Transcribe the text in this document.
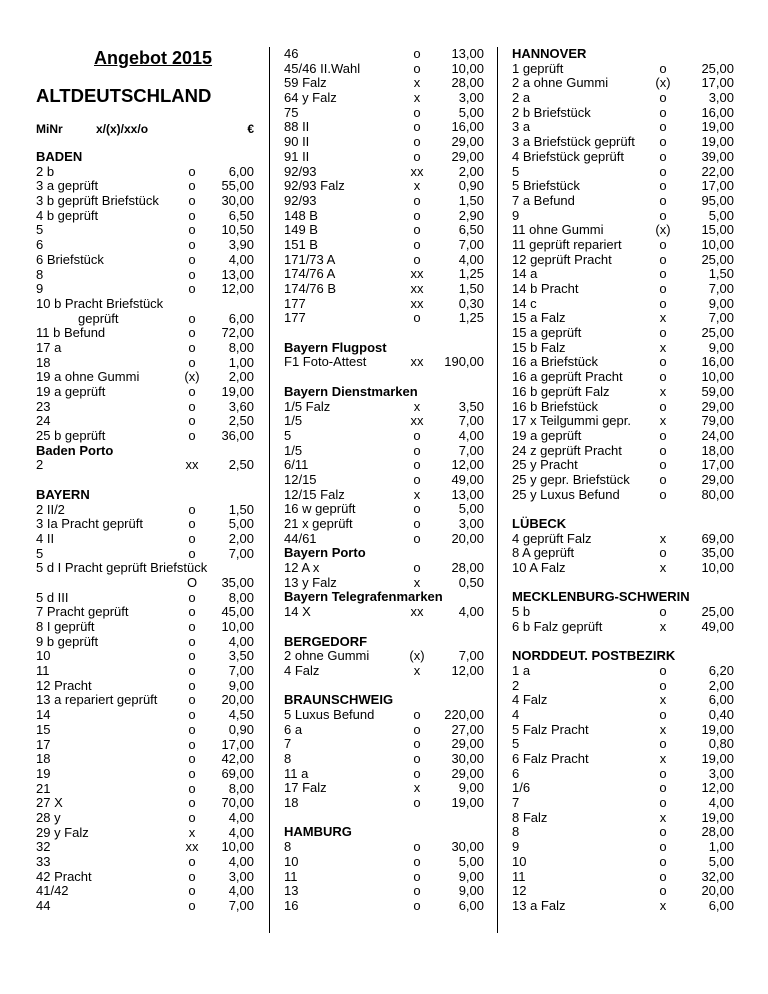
Angebot 2015
ALTDEUTSCHLAND
MiNr	x/(x)/xx/o	€
BADEN
2 b	o	6,00
3 a geprüft	o	55,00
3 b geprüft Briefstück	o	30,00
4 b geprüft	o	6,50
5	o	10,50
6	o	3,90
6 Briefstück	o	4,00
8	o	13,00
9	o	12,00
10 b Pracht Briefstück
geprüft	o	6,00
11 b Befund	o	72,00
17 a	o	8,00
18	o	1,00
19 a ohne Gummi	(x)	2,00
19 a geprüft	o	19,00
23	o	3,60
24	o	2,50
25 b geprüft	o	36,00
Baden Porto
2	xx	2,50
BAYERN
2 II/2	o	1,50
3 Ia Pracht geprüft	o	5,00
4 II	o	2,00
5	o	7,00
5 d I Pracht geprüft Briefstück
O	35,00
5 d III	o	8,00
7 Pracht geprüft	o	45,00
8 I geprüft	o	10,00
9 b geprüft	o	4,00
10	o	3,50
11	o	7,00
12 Pracht	o	9,00
13 a repariert geprüft	o	20,00
14	o	4,50
15	o	0,90
17	o	17,00
18	o	42,00
19	o	69,00
21	o	8,00
27 X	o	70,00
28 y	o	4,00
29 y Falz	x	4,00
32	xx	10,00
33	o	4,00
42 Pracht	o	3,00
41/42	o	4,00
44	o	7,00
46	o	13,00
45/46 II.Wahl	o	10,00
59 Falz	x	28,00
64 y Falz	x	3,00
75	o	5,00
88 II	o	16,00
90 II	o	29,00
91 II	o	29,00
92/93	xx	2,00
92/93 Falz	x	0,90
92/93	o	1,50
148 B	o	2,90
149 B	o	6,50
151 B	o	7,00
171/73 A	o	4,00
174/76 A	xx	1,25
174/76 B	xx	1,50
177	xx	0,30
177	o	1,25
Bayern Flugpost
F1 Foto-Attest	xx	190,00
Bayern Dienstmarken
1/5 Falz	x	3,50
1/5	xx	7,00
5	o	4,00
1/5	o	7,00
6/11	o	12,00
12/15	o	49,00
12/15 Falz	x	13,00
16 w geprüft	o	5,00
21 x geprüft	o	3,00
44/61	o	20,00
Bayern Porto
12 A x	o	28,00
13 y Falz	x	0,50
Bayern Telegrafenmarken
14 X	xx	4,00
BERGEDORF
2 ohne Gummi	(x)	7,00
4 Falz	x	12,00
BRAUNSCHWEIG
5 Luxus Befund	o	220,00
6 a	o	27,00
7	o	29,00
8	o	30,00
11 a	o	29,00
17 Falz	x	9,00
18	o	19,00
HAMBURG
8	o	30,00
10	o	5,00
11	o	9,00
13	o	9,00
16	o	6,00
HANNOVER
1 geprüft	o	25,00
2 a ohne Gummi	(x)	17,00
2 a	o	3,00
2 b Briefstück	o	16,00
3 a	o	19,00
3 a Briefstück geprüft	o	19,00
4 Briefstück geprüft	o	39,00
5	o	22,00
5 Briefstück	o	17,00
7 a Befund	o	95,00
9	o	5,00
11 ohne Gummi	(x)	15,00
11 geprüft repariert	o	10,00
12 geprüft Pracht	o	25,00
14 a	o	1,50
14 b Pracht	o	7,00
14 c	o	9,00
15 a Falz	x	7,00
15 a geprüft	o	25,00
15 b Falz	x	9,00
16 a Briefstück	o	16,00
16 a geprüft Pracht	o	10,00
16 b geprüft Falz	x	59,00
16 b Briefstück	o	29,00
17 x Teilgummi gepr.	x	79,00
19 a geprüft	o	24,00
24 z geprüft Pracht	o	18,00
25 y Pracht	o	17,00
25 y gepr. Briefstück	o	29,00
25 y Luxus Befund	o	80,00
LÜBECK
4 geprüft Falz	x	69,00
8 A geprüft	o	35,00
10 A Falz	x	10,00
MECKLENBURG-SCHWERIN
5 b	o	25,00
6 b Falz geprüft	x	49,00
NORDDEUT. POSTBEZIRK
1 a	o	6,20
2	o	2,00
4 Falz	x	6,00
4	o	0,40
5 Falz Pracht	x	19,00
5	o	0,80
6 Falz Pracht	x	19,00
6	o	3,00
1/6	o	12,00
7	o	4,00
8 Falz	x	19,00
8	o	28,00
9	o	1,00
10	o	5,00
11	o	32,00
12	o	20,00
13 a Falz	x	6,00
